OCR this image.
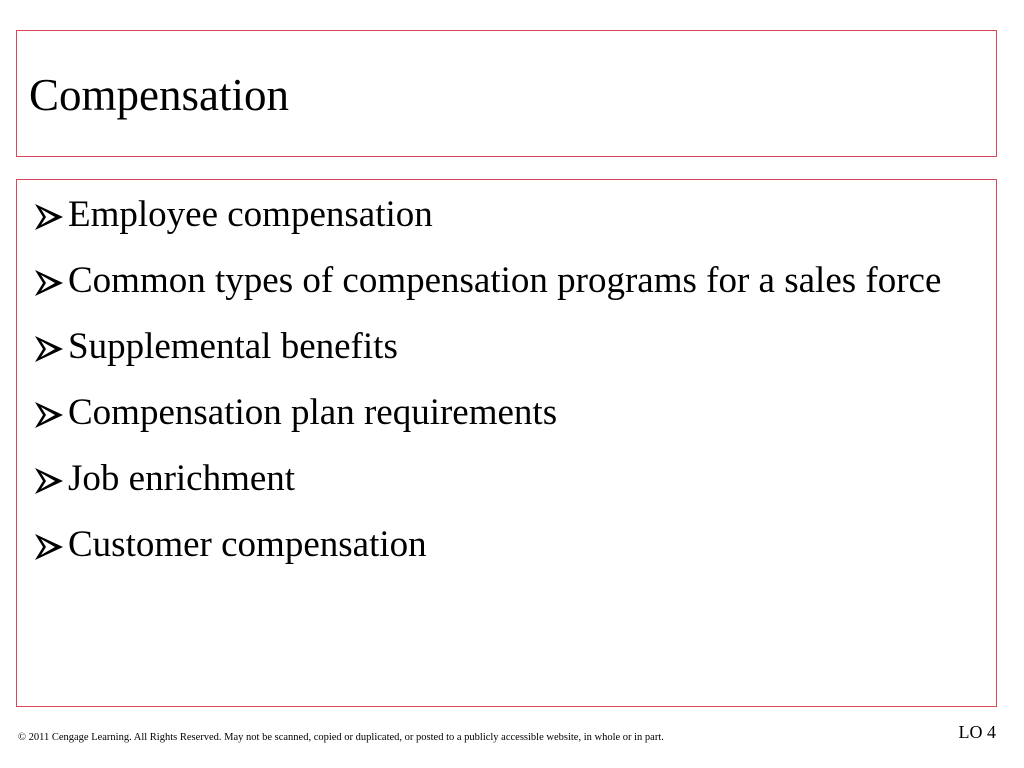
Compensation
Employee compensation
Common types of compensation programs for a sales force
Supplemental benefits
Compensation plan requirements
Job enrichment
Customer compensation
© 2011 Cengage Learning. All Rights Reserved. May not be scanned, copied or duplicated, or posted to a publicly accessible website, in whole or in part.	LO 4
